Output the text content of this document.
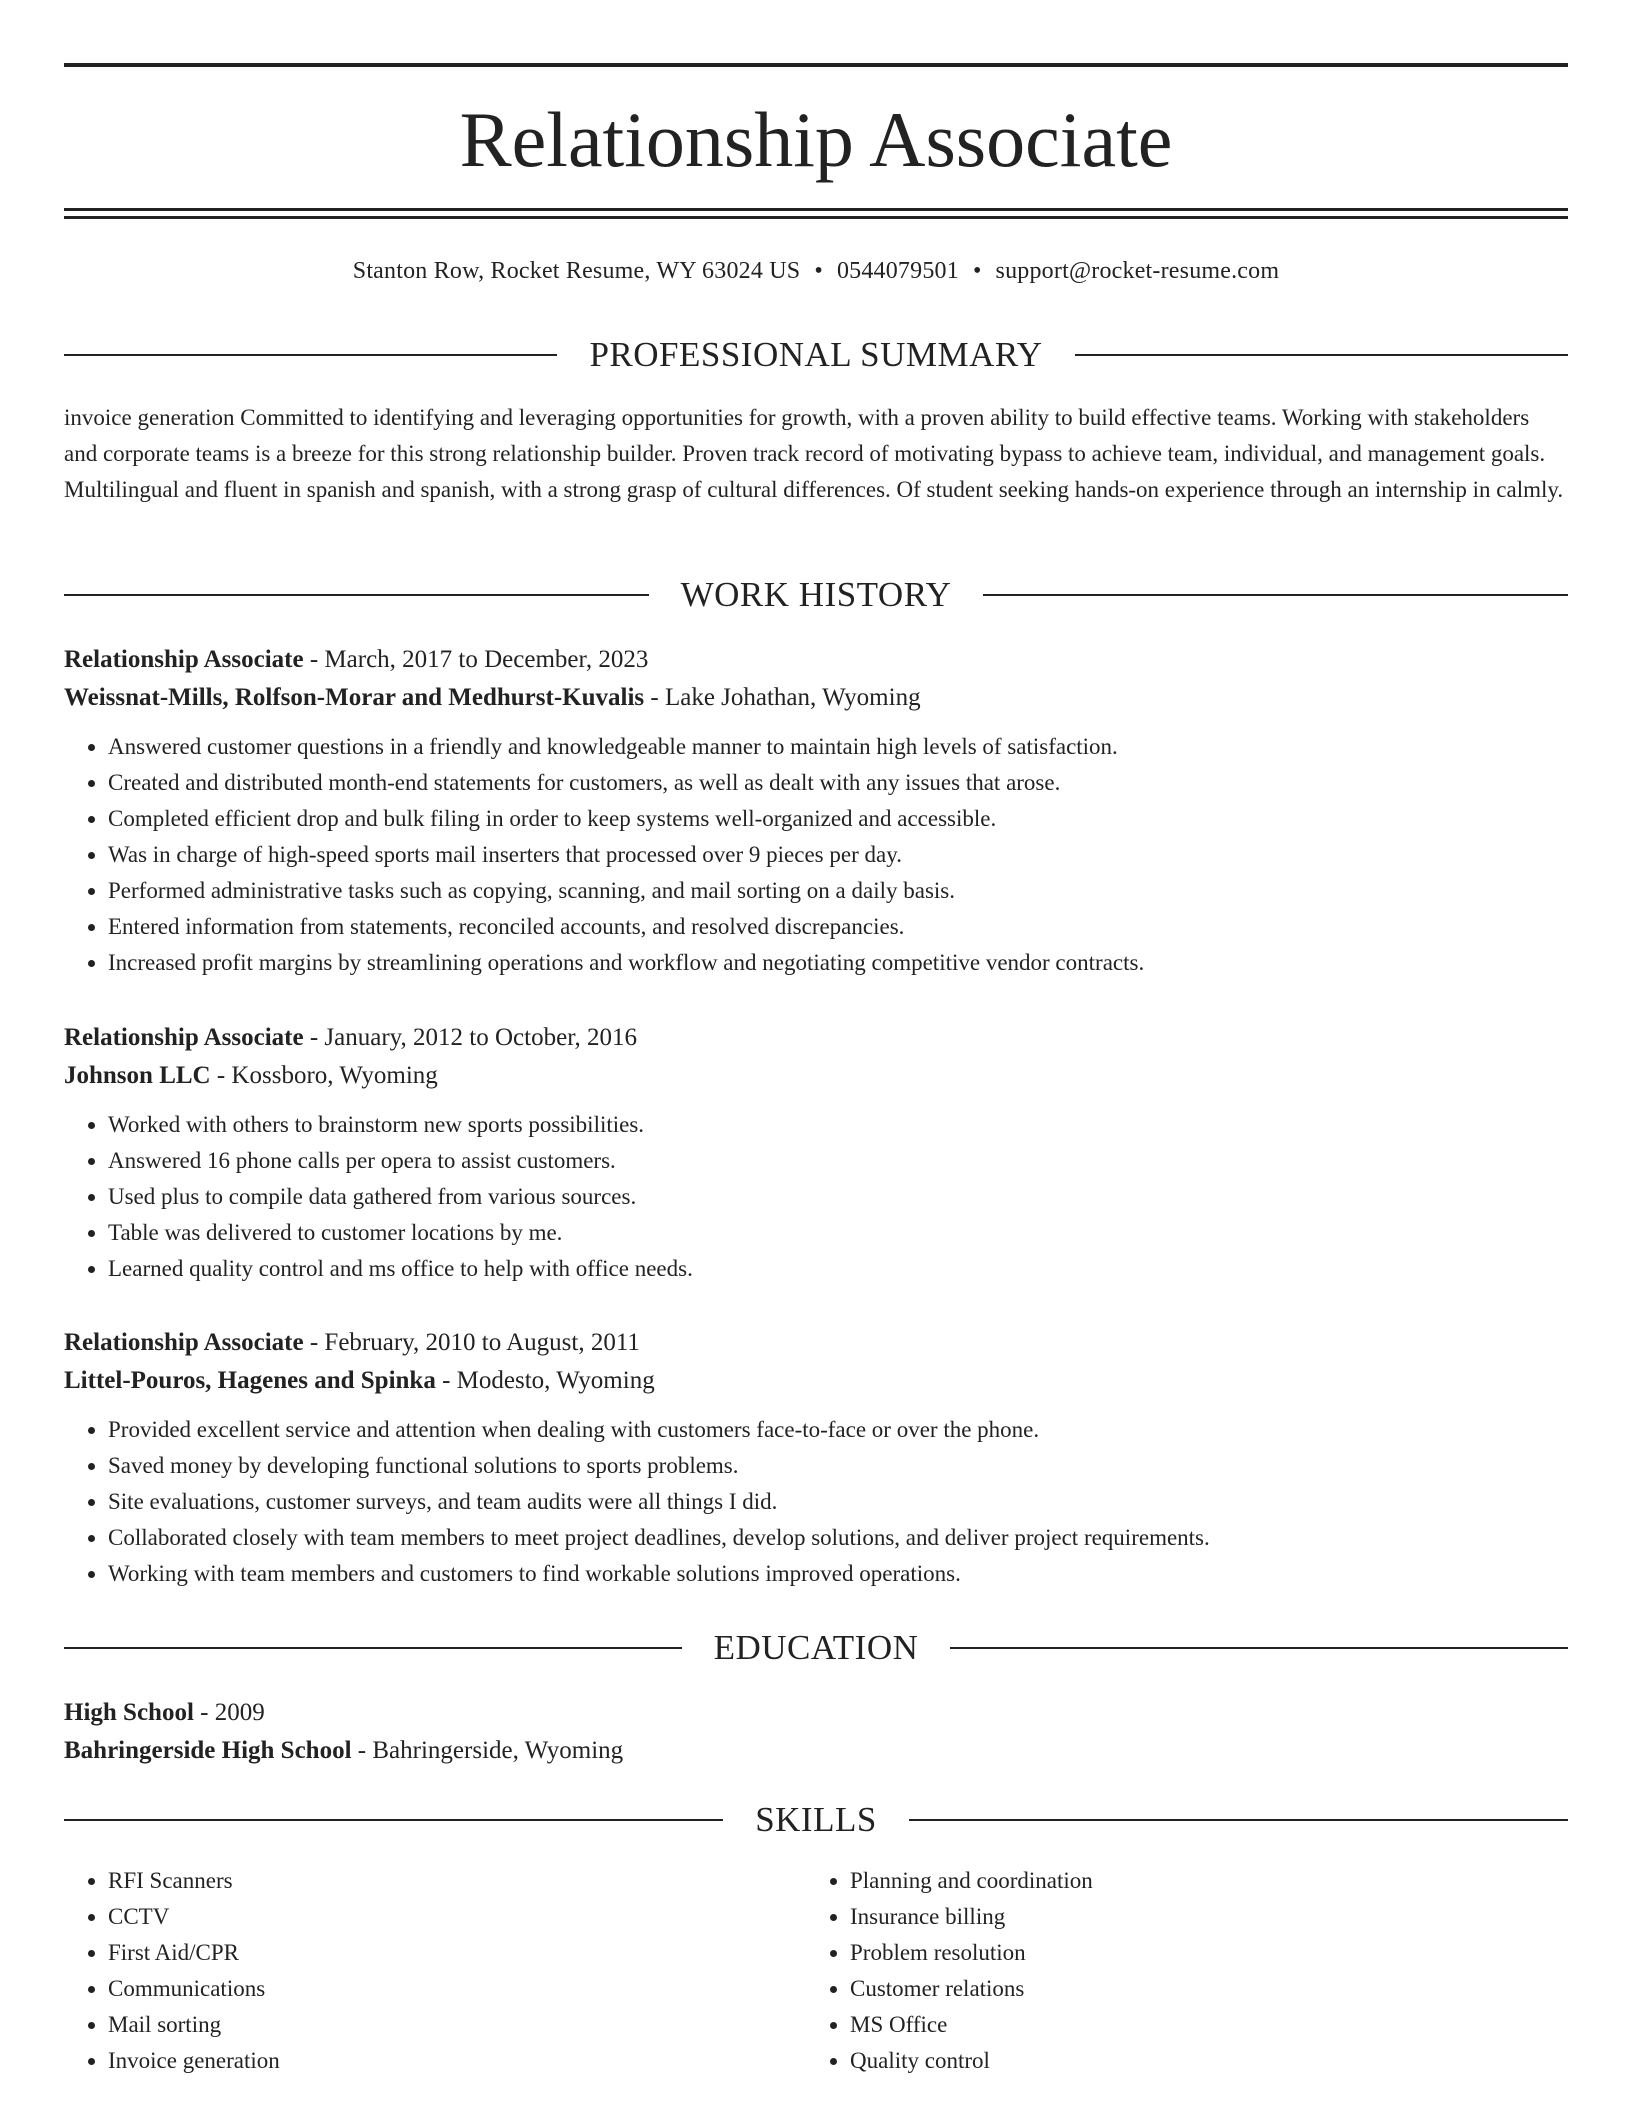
Relationship Associate
Stanton Row, Rocket Resume, WY 63024 US • 0544079501 • support@rocket-resume.com
PROFESSIONAL SUMMARY

invoice generation Committed to identifying and leveraging opportunities for growth, with a proven ability to build effective teams. Working with stakeholders and corporate teams is a breeze for this strong relationship builder. Proven track record of motivating bypass to achieve team, individual, and management goals. Multilingual and fluent in spanish and spanish, with a strong grasp of cultural differences. Of student seeking hands-on experience through an internship in calmly.

WORK HISTORY
Relationship Associate - March, 2017 to December, 2023
Weissnat-Mills, Rolfson-Morar and Medhurst-Kuvalis - Lake Johathan, Wyoming
• Answered customer questions in a friendly and knowledgeable manner to maintain high levels of satisfaction.
• Created and distributed month-end statements for customers, as well as dealt with any issues that arose.
• Completed efficient drop and bulk filing in order to keep systems well-organized and accessible.
• Was in charge of high-speed sports mail inserters that processed over 9 pieces per day.
• Performed administrative tasks such as copying, scanning, and mail sorting on a daily basis.
• Entered information from statements, reconciled accounts, and resolved discrepancies.
• Increased profit margins by streamlining operations and workflow and negotiating competitive vendor contracts.
Relationship Associate - January, 2012 to October, 2016
Johnson LLC - Kossboro, Wyoming
• Worked with others to brainstorm new sports possibilities.
• Answered 16 phone calls per opera to assist customers.
• Used plus to compile data gathered from various sources.
• Table was delivered to customer locations by me.
• Learned quality control and ms office to help with office needs.
Relationship Associate - February, 2010 to August, 2011
Littel-Pouros, Hagenes and Spinka - Modesto, Wyoming
• Provided excellent service and attention when dealing with customers face-to-face or over the phone.
• Saved money by developing functional solutions to sports problems.
• Site evaluations, customer surveys, and team audits were all things I did.
• Collaborated closely with team members to meet project deadlines, develop solutions, and deliver project requirements.
• Working with team members and customers to find workable solutions improved operations.
EDUCATION
High School - 2009
Bahringerside High School - Bahringerside, Wyoming
SKILLS
• RFI Scanners
• CCTV
• First Aid/CPR
• Communications
• Mail sorting
• Invoice generation
• Planning and coordination
• Insurance billing
• Problem resolution
• Customer relations
• MS Office
• Quality control
